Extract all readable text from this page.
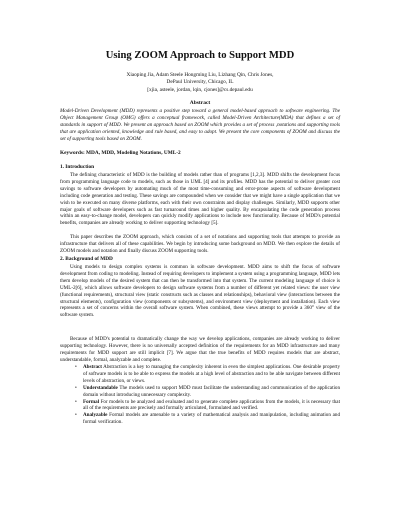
Using ZOOM Approach to Support MDD
Xiaoping Jia, Adam Steele Hongming Liu, Lizhang Qin, Chris Jones,
DePaul University, Chicago, IL
[xjia, asteele, jordan, lqin, cjones]@cs.depaul.edu
Abstract
Model-Driven Development (MDD) represents a positive step toward a general model-based approach to software engineering. The Object Management Group (OMG) offers a conceptual framework, called Model-Driven Architecture(MDA) that defines a set of standards in support of MDD. We present an approach based on ZOOM which provides a set of process ,notations and supporting tools that are application oriented, knowledge and rule based, and easy to adopt. We present the core components of ZOOM and discuss the set of supporting tools based on ZOOM.
Keywords: MDA, MDD, Modeling Notations, UML-2
1. Introduction
The defining characteristic of MDD is the building of models rather than of programs [1,2,3]. MDD shifts the development focus from programming language code to models, such as those in UML [4] and its profiles. MDD has the potential to deliver greater cost savings to software developers by automating much of the most time-consuming and error-prone aspects of software development including code generation and testing. These savings are compounded when we consider that we might have a single application that we wish to be executed on many diverse platforms, each with their own constraints and display challenges. Similarly, MDD supports other major goals of software developers such as fast turnaround times and higher quality. By encapsulating the code generation process within an easy-to-change model, developers can quickly modify applications to include new functionality. Because of MDD's potential benefits, companies are already working to deliver supporting technology [5].
This paper describes the ZOOM approach, which consists of a set of notations and supporting tools that attempts to provide an infrastructure that delivers all of these capabilities. We begin by introducing some background on MDD. We then explore the details of ZOOM models and notation and finally discuss ZOOM supporting tools.
2. Background of MDD
Using models to design complex systems is common in software development. MDD aims to shift the focus of software development from coding to modeling. Instead of requiring developers to implement a system using a programming language, MDD lets them develop models of the desired system that can then be transformed into that system. The current modeling language of choice is UML-2[6], which allows software developers to design software systems from a number of different yet related views: the user view (functional requirements), structural view (static constructs such as classes and relationships), behavioral view (interactions between the structural elements), configuration view (components or subsystems), and environment view (deployment and installation). Each view represents a set of concerns within the overall software system. When combined, these views attempt to provide a 360° view of the software system.
Because of MDD's potential to dramatically change the way we develop applications, companies are already working to deliver supporting technology. However, there is no universally accepted definition of the requirements for an MDD infrastructure and many requirements for MDD support are still implicit [7]. We argue that the true benefits of MDD requires models that are abstract, understandable, formal, analyzable and complete.
• Abstract Abstraction is a key to managing the complexity inherent in even the simplest applications. One desirable property of software models is to be able to express the models at a high level of abstraction and to be able navigate between different levels of abstraction, or views.
• Understandable The models used to support MDD must facilitate the understanding and communication of the application domain without introducing unnecessary complexity.
• Formal For models to be analyzed and evaluated and to generate complete applications from the models, it is necessary that all of the requirements are precisely and formally articulated, formulated and verified.
• Analyzable Formal models are amenable to a variety of mathematical analysis and manipulation, including animation and formal verification.
